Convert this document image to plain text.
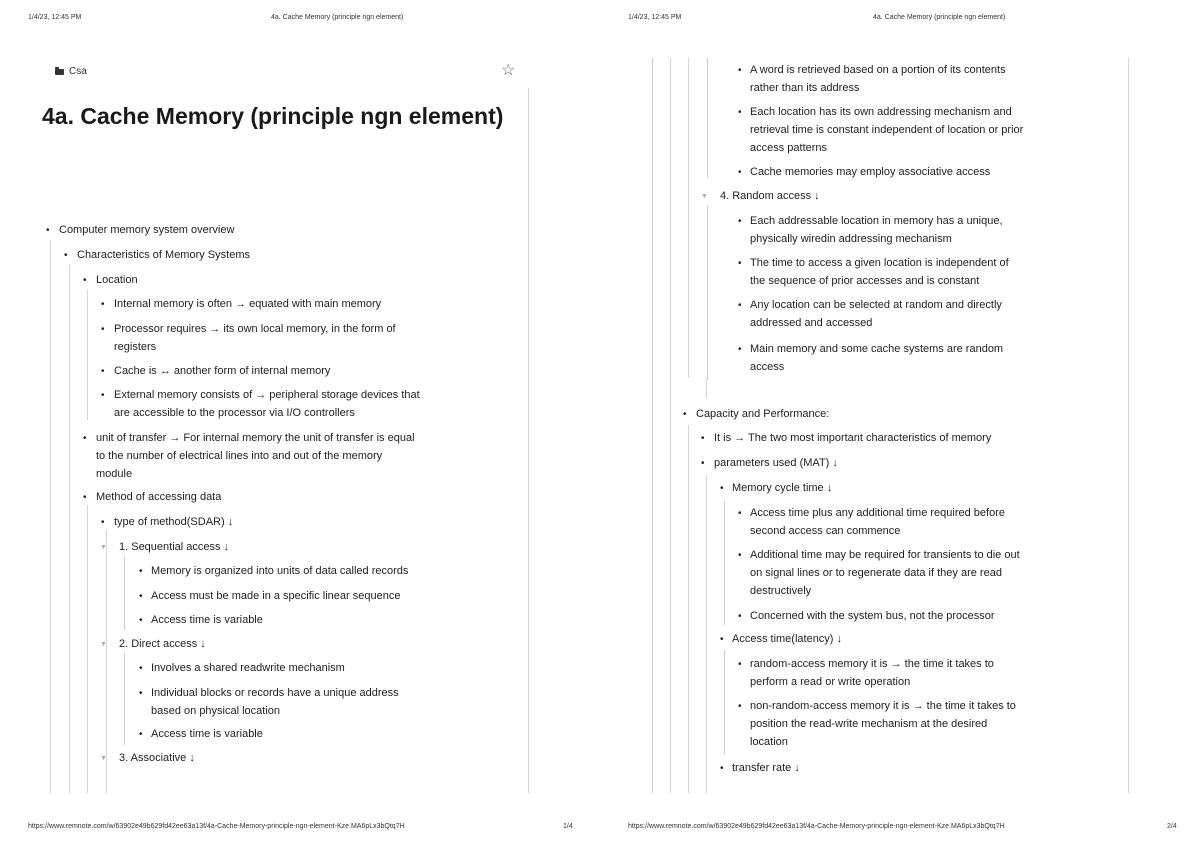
1/4/23, 12:45 PM	4a. Cache Memory (principle ngn element)
Csa	☆
4a. Cache Memory (principle ngn element)
• Computer memory system overview
• Characteristics of Memory Systems
• Location
• Internal memory is often → equated with main memory
• Processor requires → its own local memory, in the form of
registers
• Cache is ↔ another form of internal memory
• External memory consists of → peripheral storage devices that
are accessible to the processor via I/O controllers
• unit of transfer → For internal memory the unit of transfer is equal
to the number of electrical lines into and out of the memory
module
• Method of accessing data
• type of method(SDAR) ↓
▼ 1. Sequential access ↓
• Memory is organized into units of data called records
• Access must be made in a specific linear sequence
• Access time is variable
▼ 2. Direct access ↓
• Involves a shared readwrite mechanism
• Individual blocks or records have a unique address
based on physical location
• Access time is variable
▼ 3. Associative ↓
https://www.remnote.com/w/63902e49b629fd42ee63a13f/4a-Cache-Memory-principle-ngn-element-Kze MA6pLx3bQtq7H	1/4
1/4/23, 12:45 PM	4a. Cache Memory (principle ngn element)
• A word is retrieved based on a portion of its contents
rather than its address
• Each location has its own addressing mechanism and
retrieval time is constant independent of location or prior
access patterns
• Cache memories may employ associative access
▼ 4. Random access ↓
• Each addressable location in memory has a unique,
physically wiredin addressing mechanism
• The time to access a given location is independent of
the sequence of prior accesses and is constant
• Any location can be selected at random and directly
addressed and accessed
• Main memory and some cache systems are random
access
• Capacity and Performance:
• It is → The two most important characteristics of memory
• parameters used (MAT) ↓
• Memory cycle time ↓
• Access time plus any additional time required before
second access can commence
• Additional time may be required for transients to die out
on signal lines or to regenerate data if they are read
destructively
• Concerned with the system bus, not the processor
• Access time(latency) ↓
• random-access memory it is → the time it takes to
perform a read or write operation
• non-random-access memory it is → the time it takes to
position the read-write mechanism at the desired
location
• transfer rate ↓
https://www.remnote.com/w/63902e49b629fd42ee63a13f/4a-Cache-Memory-principle-ngn-element-Kze MA6pLx3bQtq7H	2/4
